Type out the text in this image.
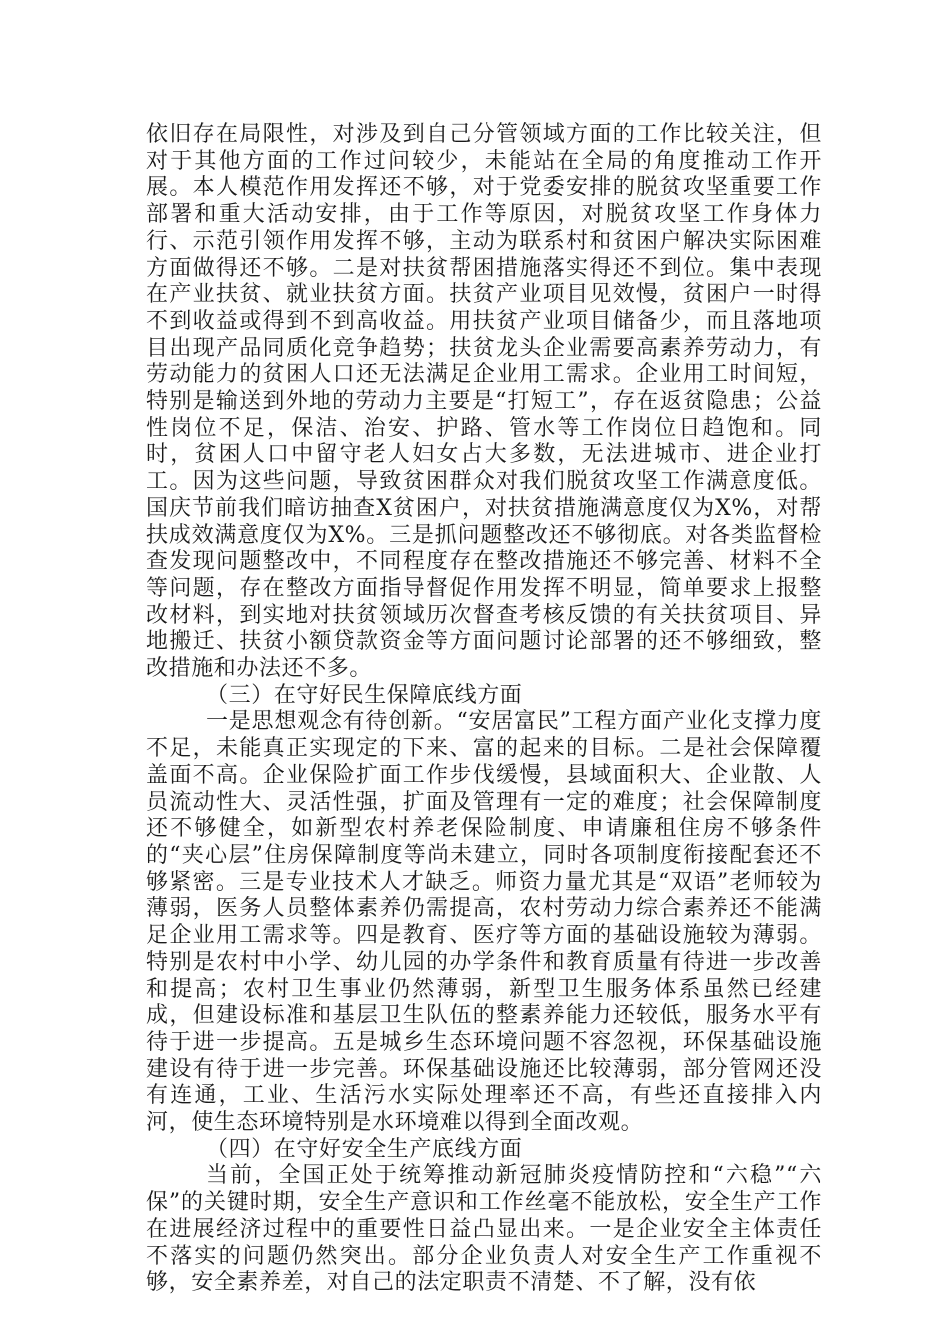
依旧存在局限性，对涉及到自己分管领域方面的工作比较关注，但对于其他方面的工作过问较少，未能站在全局的角度推动工作开展。本人模范作用发挥还不够，对于党委安排的脱贫攻坚重要工作部署和重大活动安排，由于工作等原因，对脱贫攻坚工作身体力行、示范引领作用发挥不够，主动为联系村和贫困户解决实际困难方面做得还不够。二是对扶贫帮困措施落实得还不到位。集中表现在产业扶贫、就业扶贫方面。扶贫产业项目见效慢，贫困户一时得不到收益或得到不到高收益。用扶贫产业项目储备少，而且落地项目出现产品同质化竞争趋势；扶贫龙头企业需要高素养劳动力，有劳动能力的贫困人口还无法满足企业用工需求。企业用工时间短，特别是输送到外地的劳动力主要是“打短工”，存在返贫隐患；公益性岗位不足，保洁、治安、护路、管水等工作岗位日趋饱和。同时，贫困人口中留守老人妇女占大多数，无法进城市、进企业打工。因为这些问题，导致贫困群众对我们脱贫攻坚工作满意度低。国庆节前我们暗访抽查X贫困户，对扶贫措施满意度仅为X%，对帮扶成效满意度仅为X%。三是抓问题整改还不够彻底。对各类监督检查发现问题整改中，不同程度存在整改措施还不够完善、材料不全等问题，存在整改方面指导督促作用发挥不明显，简单要求上报整改材料，到实地对扶贫领域历次督查考核反馈的有关扶贫项目、异地搬迁、扶贫小额贷款资金等方面问题讨论部署的还不够细致，整改措施和办法还不多。

（三）在守好民生保障底线方面

一是思想观念有待创新。“安居富民”工程方面产业化支撑力度不足，未能真正实现定的下来、富的起来的目标。二是社会保障覆盖面不高。企业保险扩面工作步伐缓慢，县域面积大、企业散、人员流动性大、灵活性强，扩面及管理有一定的难度；社会保障制度还不够健全，如新型农村养老保险制度、申请廉租住房不够条件的“夹心层”住房保障制度等尚未建立，同时各项制度衔接配套还不够紧密。三是专业技术人才缺乏。师资力量尤其是“双语”老师较为薄弱，医务人员整体素养仍需提高，农村劳动力综合素养还不能满足企业用工需求等。四是教育、医疗等方面的基础设施较为薄弱。特别是农村中小学、幼儿园的办学条件和教育质量有待进一步改善和提高；农村卫生事业仍然薄弱，新型卫生服务体系虽然已经建成，但建设标准和基层卫生队伍的整素养能力还较低，服务水平有待于进一步提高。五是城乡生态环境问题不容忽视，环保基础设施建设有待于进一步完善。环保基础设施还比较薄弱，部分管网还没有连通，工业、生活污水实际处理率还不高，有些还直接排入内河，使生态环境特别是水环境难以得到全面改观。

（四）在守好安全生产底线方面

当前，全国正处于统筹推动新冠肺炎疫情防控和“六稳”“六保”的关键时期，安全生产意识和工作丝毫不能放松，安全生产工作在进展经济过程中的重要性日益凸显出来。一是企业安全主体责任不落实的问题仍然突出。部分企业负责人对安全生产工作重视不够，安全素养差，对自己的法定职责不清楚、不了解，没有依
